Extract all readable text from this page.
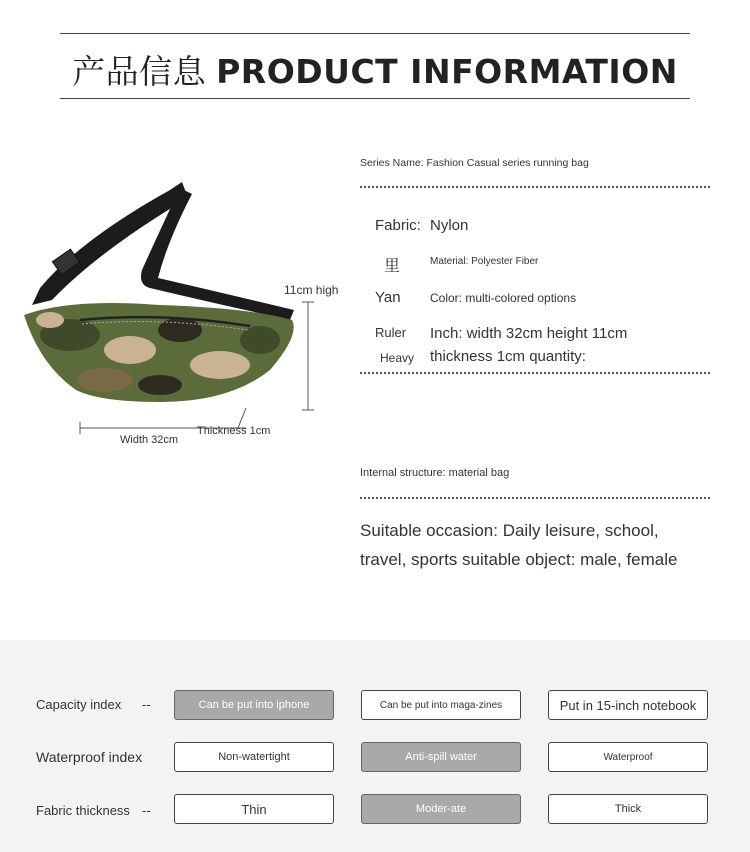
产品信息 PRODUCT INFORMATION
11cm high
Width 32cm
Thickness 1cm
Series Name: Fashion Casual series running bag
Fabric: Nylon
里	Material: Polyester Fiber
Yan Color: multi-colored options
Ruler Inch: width 32cm height 11cm
Heavy thickness 1cm quantity:
Internal structure: material bag
Suitable occasion: Daily leisure, school,
travel, sports suitable object: male, female
Capacity index --	Can be put into iphone	Can be put into maga-zines	Put in 15-inch notebook
Waterproof index	Non-watertight	Anti-spill water	Waterproof
Fabric thickness --	Thin	Moder-ate	Thick
